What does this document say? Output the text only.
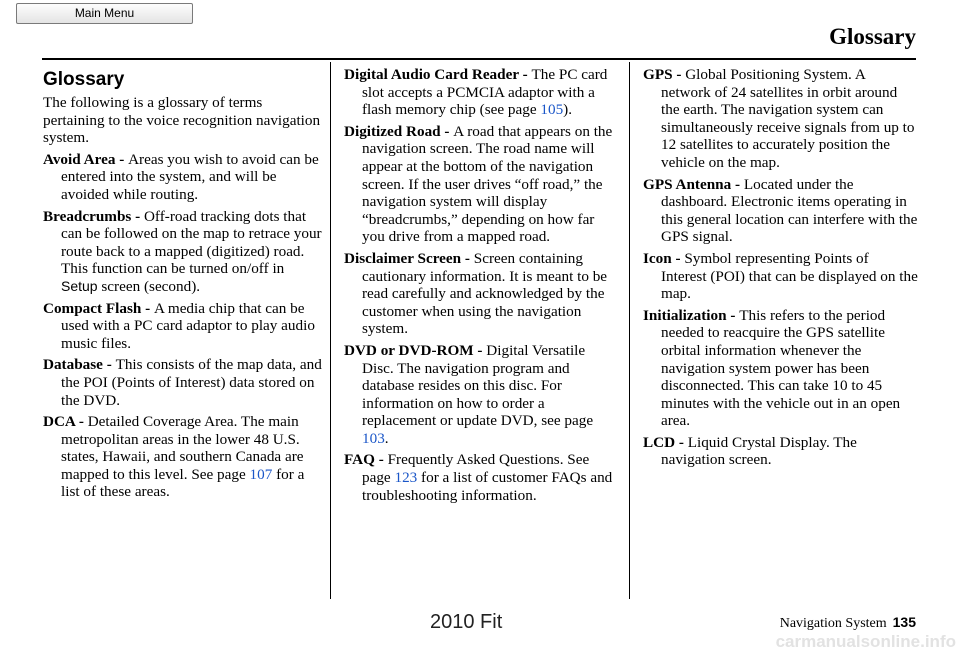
Main Menu
Glossary
Glossary
The following is a glossary of terms pertaining to the voice recognition navigation system.
Avoid Area - Areas you wish to avoid can be entered into the system, and will be avoided while routing.
Breadcrumbs - Off-road tracking dots that can be followed on the map to retrace your route back to a mapped (digitized) road. This function can be turned on/off in Setup screen (second).
Compact Flash - A media chip that can be used with a PC card adaptor to play audio music files.
Database - This consists of the map data, and the POI (Points of Interest) data stored on the DVD.
DCA - Detailed Coverage Area. The main metropolitan areas in the lower 48 U.S. states, Hawaii, and southern Canada are mapped to this level. See page 107 for a list of these areas.
Digital Audio Card Reader - The PC card slot accepts a PCMCIA adaptor with a flash memory chip (see page 105).
Digitized Road - A road that appears on the navigation screen. The road name will appear at the bottom of the navigation screen. If the user drives “off road,” the navigation system will display “breadcrumbs,” depending on how far you drive from a mapped road.
Disclaimer Screen - Screen containing cautionary information. It is meant to be read carefully and acknowledged by the customer when using the navigation system.
DVD or DVD-ROM - Digital Versatile Disc. The navigation program and database resides on this disc. For information on how to order a replacement or update DVD, see page 103.
FAQ - Frequently Asked Questions. See page 123 for a list of customer FAQs and troubleshooting information.
GPS - Global Positioning System. A network of 24 satellites in orbit around the earth. The navigation system can simultaneously receive signals from up to 12 satellites to accurately position the vehicle on the map.
GPS Antenna - Located under the dashboard. Electronic items operating in this general location can interfere with the GPS signal.
Icon - Symbol representing Points of Interest (POI) that can be displayed on the map.
Initialization - This refers to the period needed to reacquire the GPS satellite orbital information whenever the navigation system power has been disconnected. This can take 10 to 45 minutes with the vehicle out in an open area.
LCD - Liquid Crystal Display. The navigation screen.
2010 Fit	Navigation System 135
carmanualsonline.info
